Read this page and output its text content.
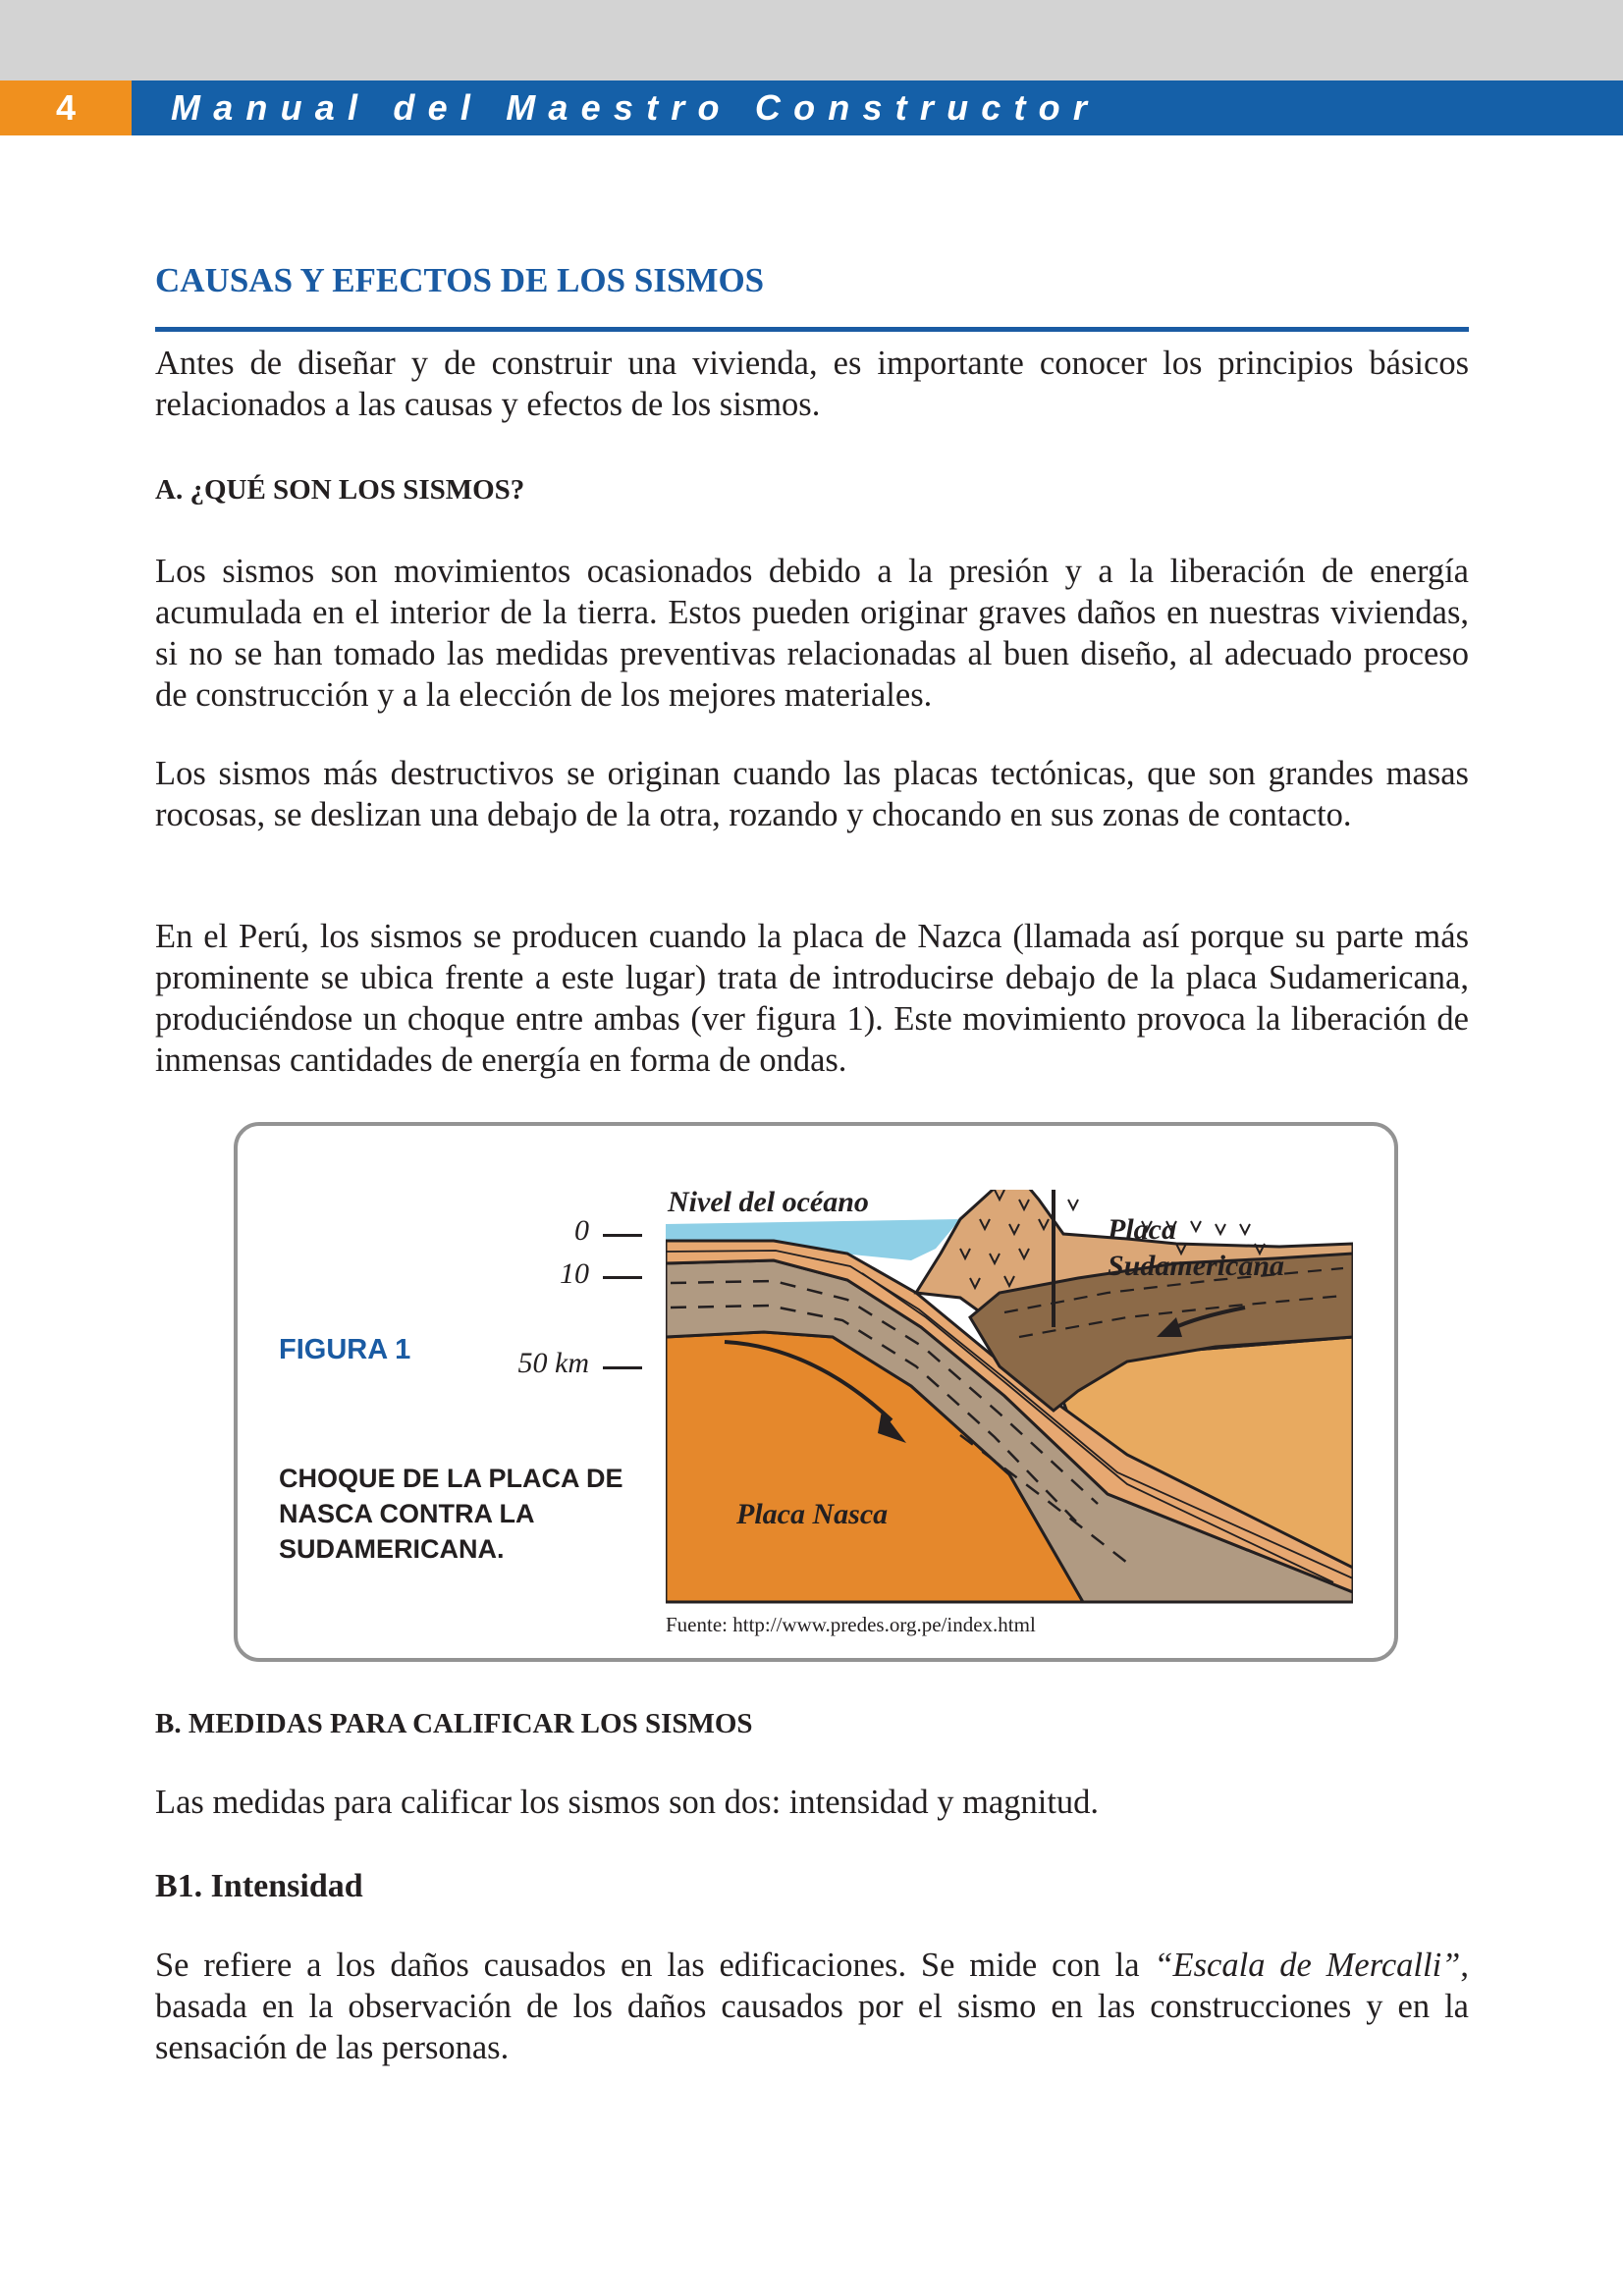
4	Manual del Maestro Constructor
CAUSAS Y EFECTOS DE LOS SISMOS

Antes de diseñar y de construir una vivienda, es importante conocer los principios básicos relacionados a las causas y efectos de los sismos.

A. ¿QUÉ SON LOS SISMOS?

Los sismos son movimientos ocasionados debido a la presión y a la liberación de energía acumulada en el interior de la tierra. Estos pueden originar graves daños en nuestras viviendas, si no se han tomado las medidas preventivas relacionadas al buen diseño, al adecuado proceso de construcción y a la elección de los mejores materiales.

Los sismos más destructivos se originan cuando las placas tectónicas, que son grandes masas rocosas, se deslizan una debajo de la otra, rozando y chocando en sus zonas de contacto.

En el Perú, los sismos se producen cuando la placa de Nazca (llamada así porque su parte más prominente se ubica frente a este lugar) trata de introducirse debajo de la placa Sudamericana, produciéndose un choque entre ambas (ver figura 1). Este movimiento provoca la liberación de inmensas cantidades de energía en forma de ondas.

FIGURA 1
CHOQUE DE LA PLACA DE NASCA CONTRA LA SUDAMERICANA.
0
10
50 km
Nivel del océano
Placa
Sudamericana
Placa Nasca
Fuente: http://www.predes.org.pe/index.html
B. MEDIDAS PARA CALIFICAR LOS SISMOS

Las medidas para calificar los sismos son dos: intensidad y magnitud.

B1. Intensidad

Se refiere a los daños causados en las edificaciones. Se mide con la “Escala de Mercalli”, basada en la observación de los daños causados por el sismo en las construcciones y en la sensación de las personas.
